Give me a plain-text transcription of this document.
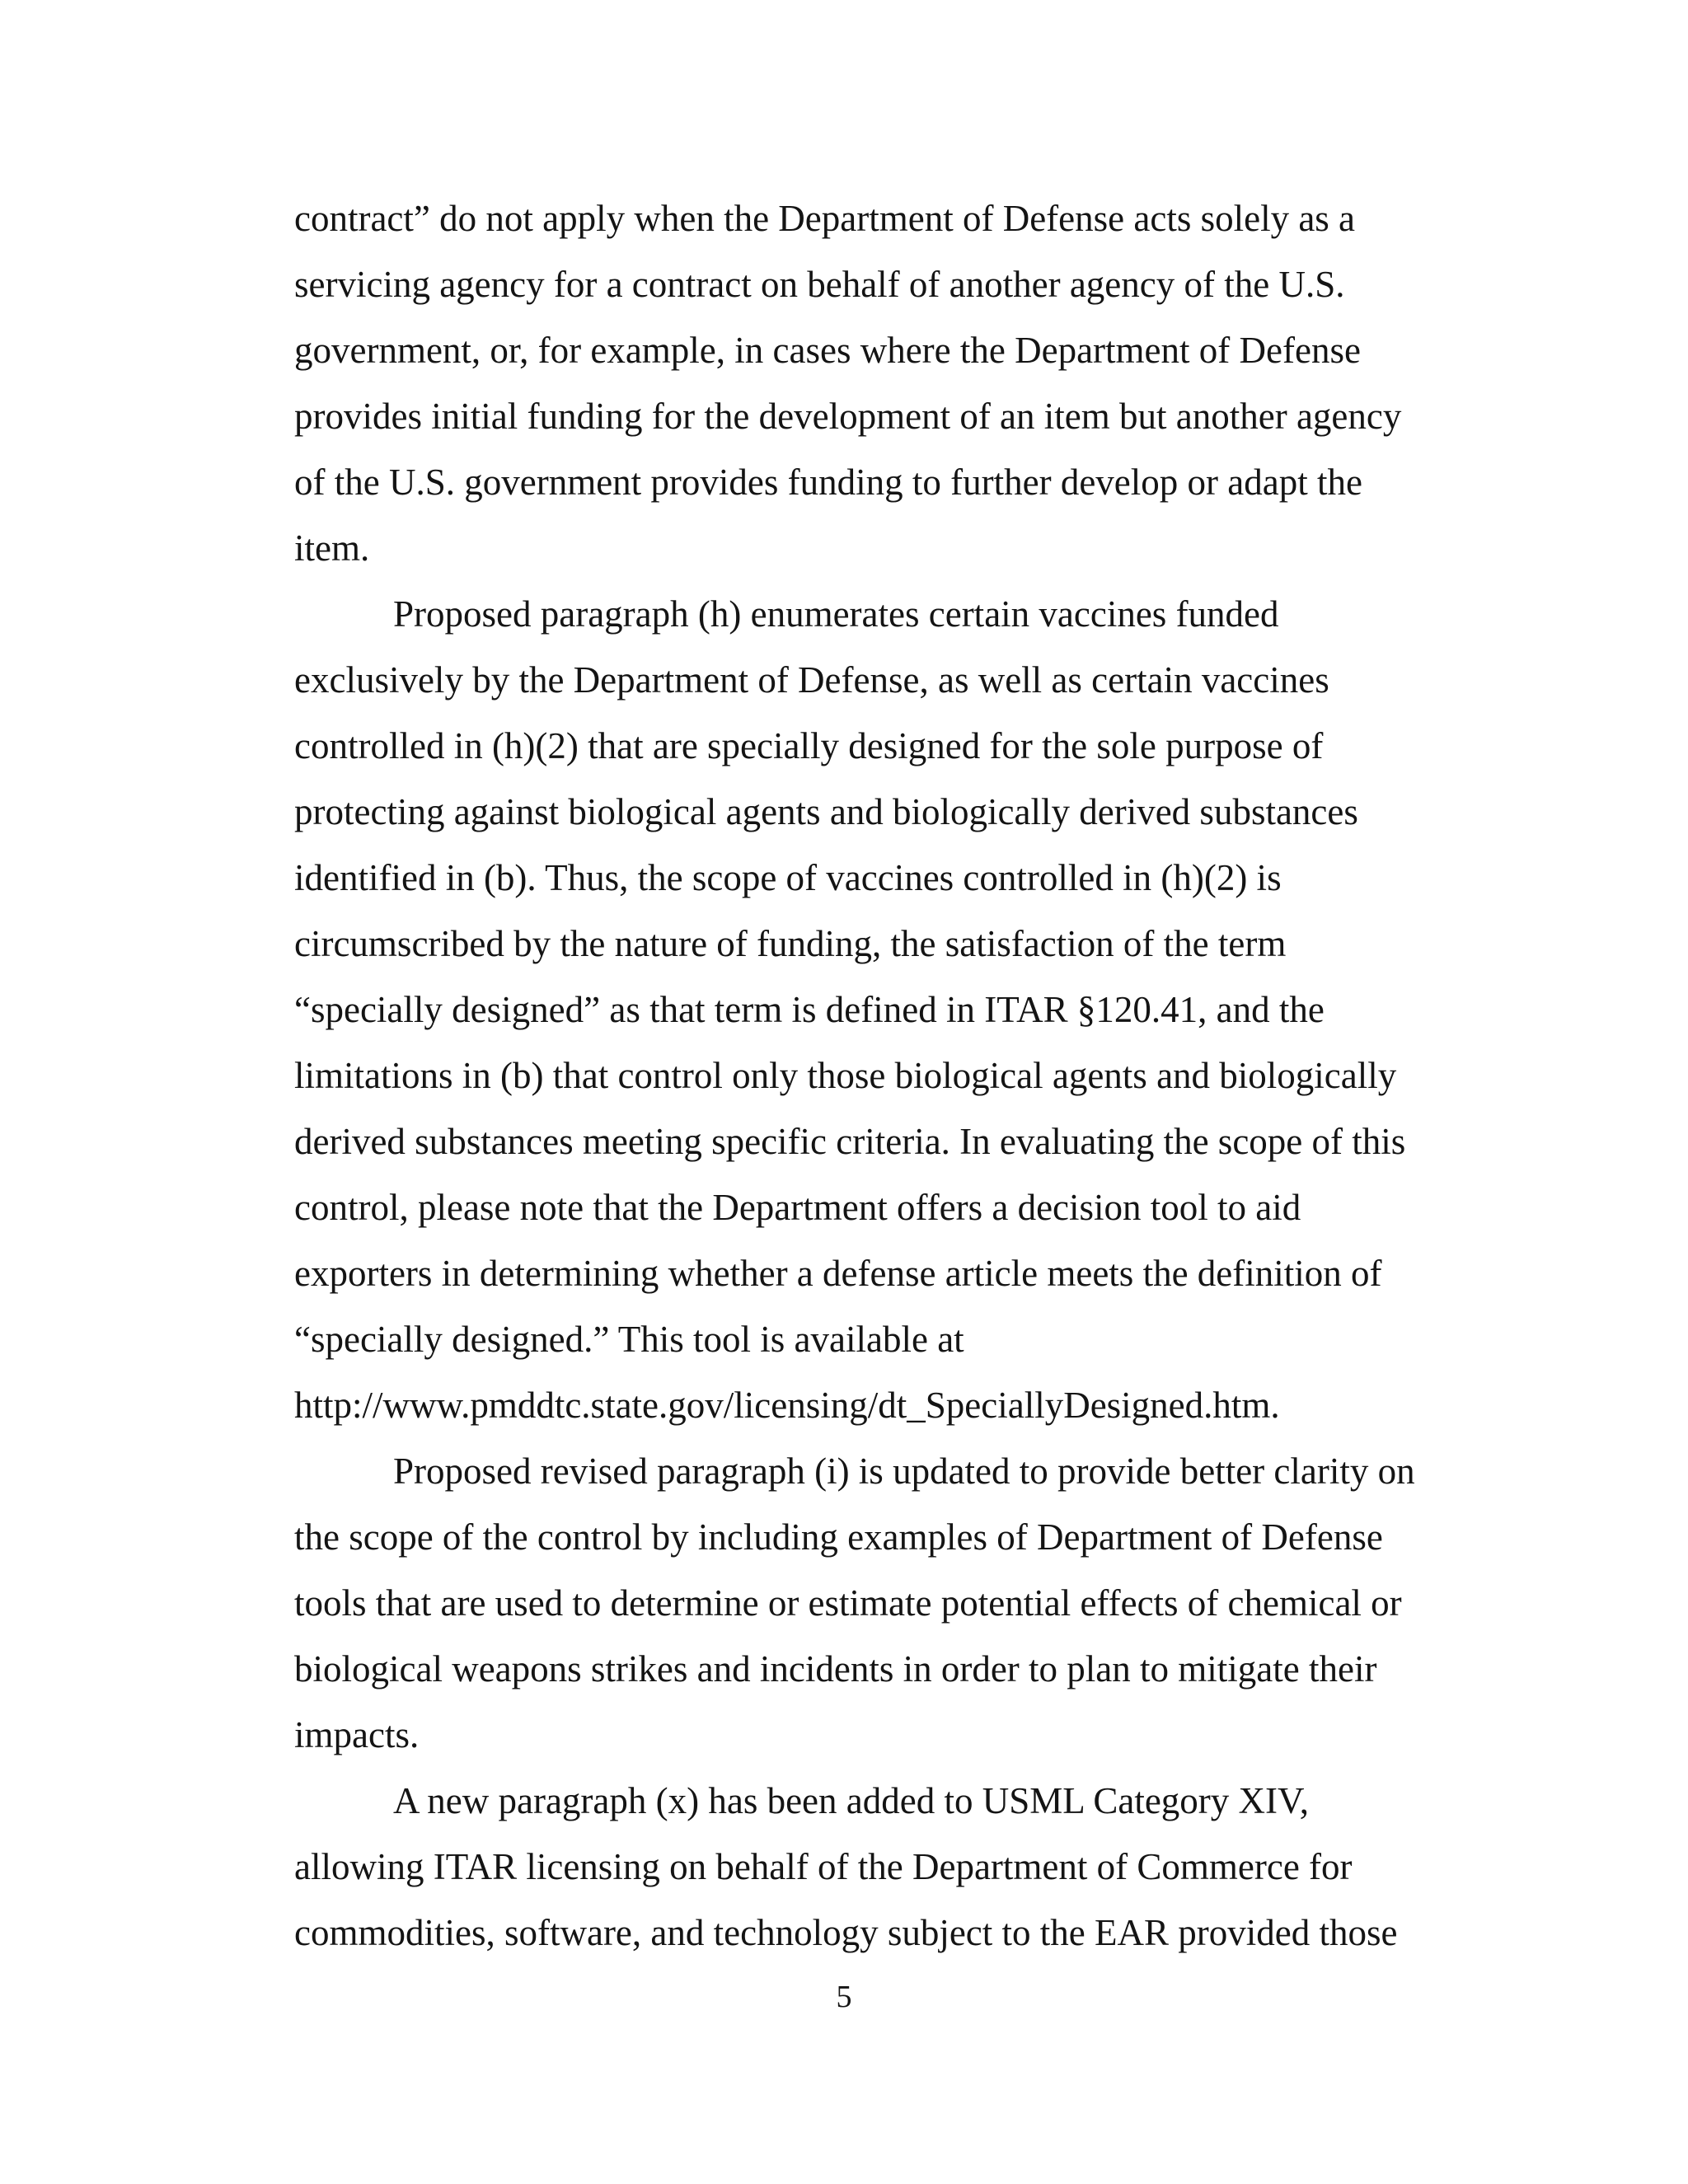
contract” do not apply when the Department of Defense acts solely as a
servicing agency for a contract on behalf of another agency of the U.S.
government, or, for example, in cases where the Department of Defense
provides initial funding for the development of an item but another agency
of the U.S. government provides funding to further develop or adapt the
item.
Proposed paragraph (h) enumerates certain vaccines funded
exclusively by the Department of Defense, as well as certain vaccines
controlled in (h)(2) that are specially designed for the sole purpose of
protecting against biological agents and biologically derived substances
identified in (b). Thus, the scope of vaccines controlled in (h)(2) is
circumscribed by the nature of funding, the satisfaction of the term
“specially designed” as that term is defined in ITAR §120.41, and the
limitations in (b) that control only those biological agents and biologically
derived substances meeting specific criteria. In evaluating the scope of this
control, please note that the Department offers a decision tool to aid
exporters in determining whether a defense article meets the definition of
“specially designed.” This tool is available at
http://www.pmddtc.state.gov/licensing/dt_SpeciallyDesigned.htm.
Proposed revised paragraph (i) is updated to provide better clarity on
the scope of the control by including examples of Department of Defense
tools that are used to determine or estimate potential effects of chemical or
biological weapons strikes and incidents in order to plan to mitigate their
impacts.
A new paragraph (x) has been added to USML Category XIV,
allowing ITAR licensing on behalf of the Department of Commerce for
commodities, software, and technology subject to the EAR provided those
5
